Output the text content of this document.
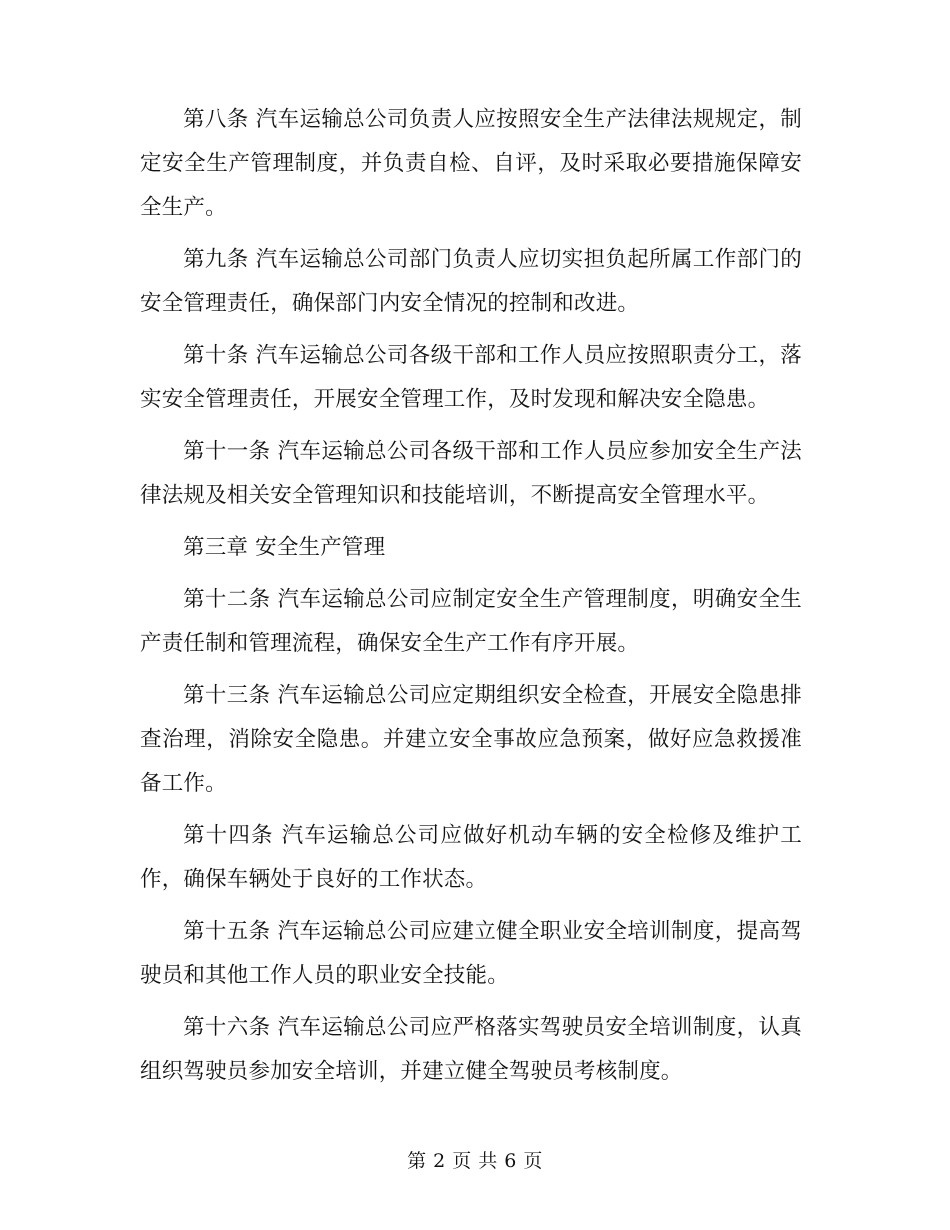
第八条 汽车运输总公司负责人应按照安全生产法律法规规定，制定安全生产管理制度，并负责自检、自评，及时采取必要措施保障安全生产。

第九条 汽车运输总公司部门负责人应切实担负起所属工作部门的安全管理责任，确保部门内安全情况的控制和改进。

第十条 汽车运输总公司各级干部和工作人员应按照职责分工，落实安全管理责任，开展安全管理工作，及时发现和解决安全隐患。

第十一条 汽车运输总公司各级干部和工作人员应参加安全生产法律法规及相关安全管理知识和技能培训，不断提高安全管理水平。

第三章 安全生产管理

第十二条 汽车运输总公司应制定安全生产管理制度，明确安全生产责任制和管理流程，确保安全生产工作有序开展。

第十三条 汽车运输总公司应定期组织安全检查，开展安全隐患排查治理，消除安全隐患。并建立安全事故应急预案，做好应急救援准备工作。

第十四条 汽车运输总公司应做好机动车辆的安全检修及维护工作，确保车辆处于良好的工作状态。

第十五条 汽车运输总公司应建立健全职业安全培训制度，提高驾驶员和其他工作人员的职业安全技能。

第十六条 汽车运输总公司应严格落实驾驶员安全培训制度，认真组织驾驶员参加安全培训，并建立健全驾驶员考核制度。

第 2 页 共 6 页
